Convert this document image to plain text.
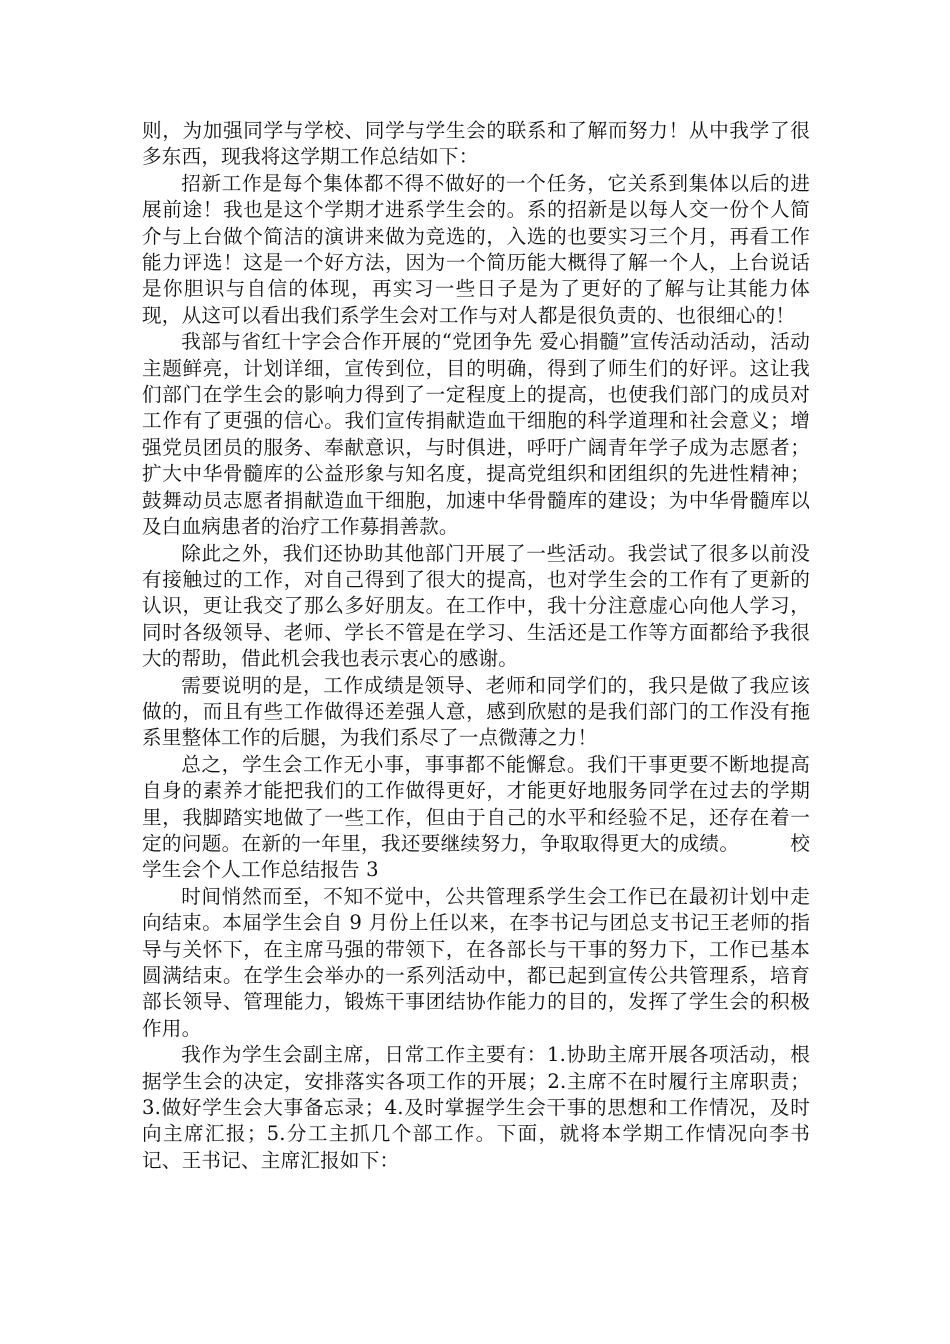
则，为加强同学与学校、同学与学生会的联系和了解而努力！从中我学了很多东西，现我将这学期工作总结如下：

招新工作是每个集体都不得不做好的一个任务，它关系到集体以后的进展前途！我也是这个学期才进系学生会的。系的招新是以每人交一份个人简介与上台做个简洁的演讲来做为竞选的，入选的也要实习三个月，再看工作能力评选！这是一个好方法，因为一个简历能大概得了解一个人，上台说话是你胆识与自信的体现，再实习一些日子是为了更好的了解与让其能力体现，从这可以看出我们系学生会对工作与对人都是很负责的、也很细心的！

我部与省红十字会合作开展的“党团争先 爱心捐髓”宣传活动活动，活动主题鲜亮，计划详细，宣传到位，目的明确，得到了师生们的好评。这让我们部门在学生会的影响力得到了一定程度上的提高，也使我们部门的成员对工作有了更强的信心。我们宣传捐献造血干细胞的科学道理和社会意义；增强党员团员的服务、奉献意识，与时俱进，呼吁广阔青年学子成为志愿者；扩大中华骨髓库的公益形象与知名度，提高党组织和团组织的先进性精神；鼓舞动员志愿者捐献造血干细胞，加速中华骨髓库的建设；为中华骨髓库以及白血病患者的治疗工作募捐善款。

除此之外，我们还协助其他部门开展了一些活动。我尝试了很多以前没有接触过的工作，对自己得到了很大的提高，也对学生会的工作有了更新的认识，更让我交了那么多好朋友。在工作中，我十分注意虚心向他人学习，同时各级领导、老师、学长不管是在学习、生活还是工作等方面都给予我很大的帮助，借此机会我也表示衷心的感谢。

需要说明的是，工作成绩是领导、老师和同学们的，我只是做了我应该做的，而且有些工作做得还差强人意，感到欣慰的是我们部门的工作没有拖系里整体工作的后腿，为我们系尽了一点微薄之力！

总之，学生会工作无小事，事事都不能懈怠。我们干事更要不断地提高自身的素养才能把我们的工作做得更好，才能更好地服务同学在过去的学期里，我脚踏实地做了一些工作，但由于自己的水平和经验不足，还存在着一定的问题。在新的一年里，我还要继续努力，争取取得更大的成绩。	校学生会个人工作总结报告 3

时间悄然而至，不知不觉中，公共管理系学生会工作已在最初计划中走向结束。本届学生会自 9 月份上任以来，在李书记与团总支书记王老师的指导与关怀下，在主席马强的带领下，在各部长与干事的努力下，工作已基本圆满结束。在学生会举办的一系列活动中，都已起到宣传公共管理系，培育部长领导、管理能力，锻炼干事团结协作能力的目的，发挥了学生会的积极作用。

我作为学生会副主席，日常工作主要有：1.协助主席开展各项活动，根据学生会的决定，安排落实各项工作的开展；2.主席不在时履行主席职责；3.做好学生会大事备忘录；4.及时掌握学生会干事的思想和工作情况，及时向主席汇报；5.分工主抓几个部工作。下面，就将本学期工作情况向李书记、王书记、主席汇报如下：
